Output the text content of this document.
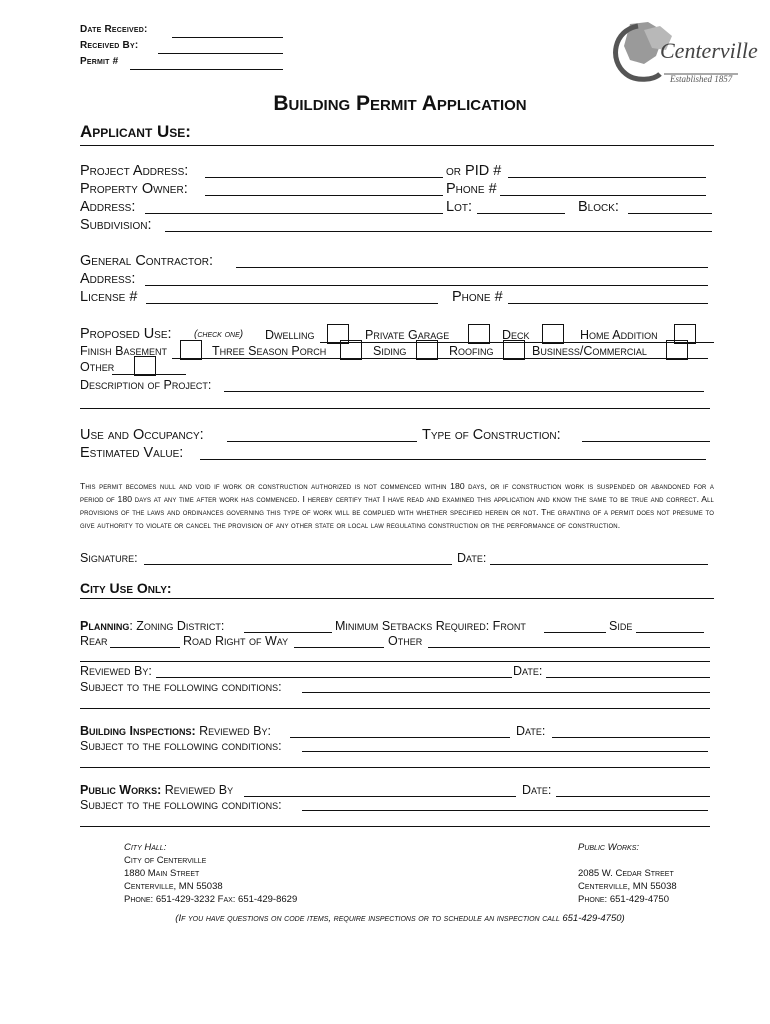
Date Received:
Received By:
Permit #	Centerville
Established 1857
Building Permit Application
Applicant Use:
Project Address:	or PID #
Property Owner:	Phone #
Address:	Lot:	Block:
Subdivision:
General Contractor:
Address:
License #	Phone #
Proposed Use: (check one) Dwelling	Private Garage	Deck	Home Addition
Finish Basement	Three Season Porch	Siding	Roofing	Business/Commercial
Other
Description of Project:
Use and Occupancy:	Type of Construction:
Estimated Value:
This permit becomes null and void if work or construction authorized is not commenced within 180 days, or if construction work is suspended or abandoned for a period of 180 days at any time after work has commenced. I hereby certify that I have read and examined this application and know the same to be true and correct. All provisions of the laws and ordinances governing this type of work will be complied with whether specified herein or not. The granting of a permit does not presume to give authority to violate or cancel the provision of any other state or local law regulating construction or the performance of construction.
Signature:	Date:
City Use Only:
Planning: Zoning District:	Minimum Setbacks Required: Front	Side
Rear	Road Right of Way	Other
Reviewed By:	Date:
Subject to the following conditions:
Building Inspections: Reviewed By:	Date:
Subject to the following conditions:
Public Works: Reviewed By	Date:
Subject to the following conditions:
City Hall:
City of Centerville
1880 Main Street
Centerville, MN 55038
Phone: 651-429-3232 Fax: 651-429-8629
Public Works:
2085 W. Cedar Street
Centerville, MN 55038
Phone: 651-429-4750
(If you have questions on code items, require inspections or to schedule an inspection call 651-429-4750)
